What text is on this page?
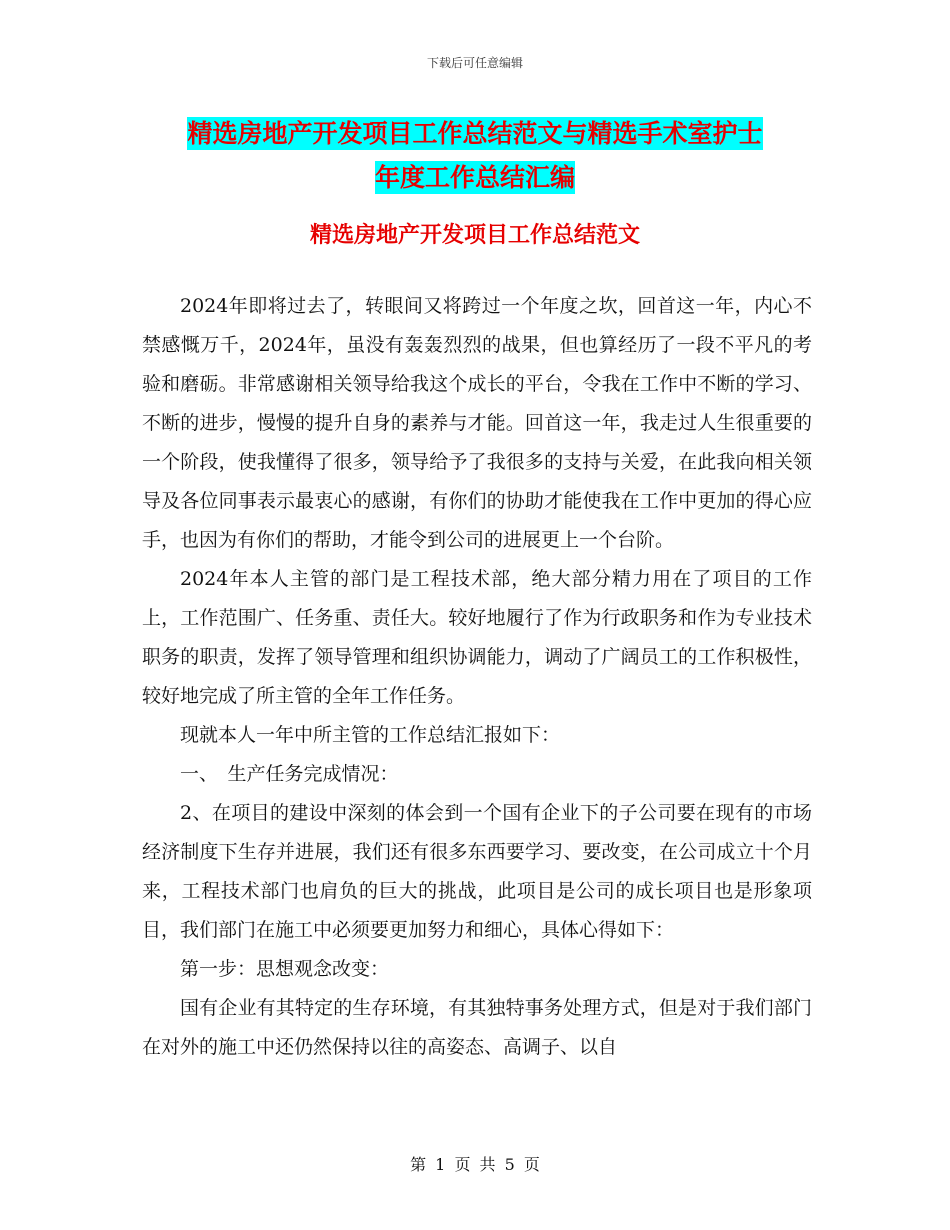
下载后可任意编辑
精选房地产开发项目工作总结范文与精选手术室护士
年度工作总结汇编
精选房地产开发项目工作总结范文

2024年即将过去了，转眼间又将跨过一个年度之坎，回首这一年，内心不禁感慨万千，2024年，虽没有轰轰烈烈的战果，但也算经历了一段不平凡的考验和磨砺。非常感谢相关领导给我这个成长的平台，令我在工作中不断的学习、不断的进步，慢慢的提升自身的素养与才能。回首这一年，我走过人生很重要的一个阶段，使我懂得了很多，领导给予了我很多的支持与关爱，在此我向相关领导及各位同事表示最衷心的感谢，有你们的协助才能使我在工作中更加的得心应手，也因为有你们的帮助，才能令到公司的进展更上一个台阶。

2024年本人主管的部门是工程技术部，绝大部分精力用在了项目的工作上，工作范围广、任务重、责任大。较好地履行了作为行政职务和作为专业技术职务的职责，发挥了领导管理和组织协调能力，调动了广阔员工的工作积极性，较好地完成了所主管的全年工作任务。

现就本人一年中所主管的工作总结汇报如下：

一、　生产任务完成情况：

2、在项目的建设中深刻的体会到一个国有企业下的子公司要在现有的市场经济制度下生存并进展，我们还有很多东西要学习、要改变，在公司成立十个月来，工程技术部门也肩负的巨大的挑战，此项目是公司的成长项目也是形象项目，我们部门在施工中必须要更加努力和细心，具体心得如下：

第一步：思想观念改变：

国有企业有其特定的生存环境，有其独特事务处理方式，但是对于我们部门在对外的施工中还仍然保持以往的高姿态、高调子、以自

第 1 页 共 5 页
